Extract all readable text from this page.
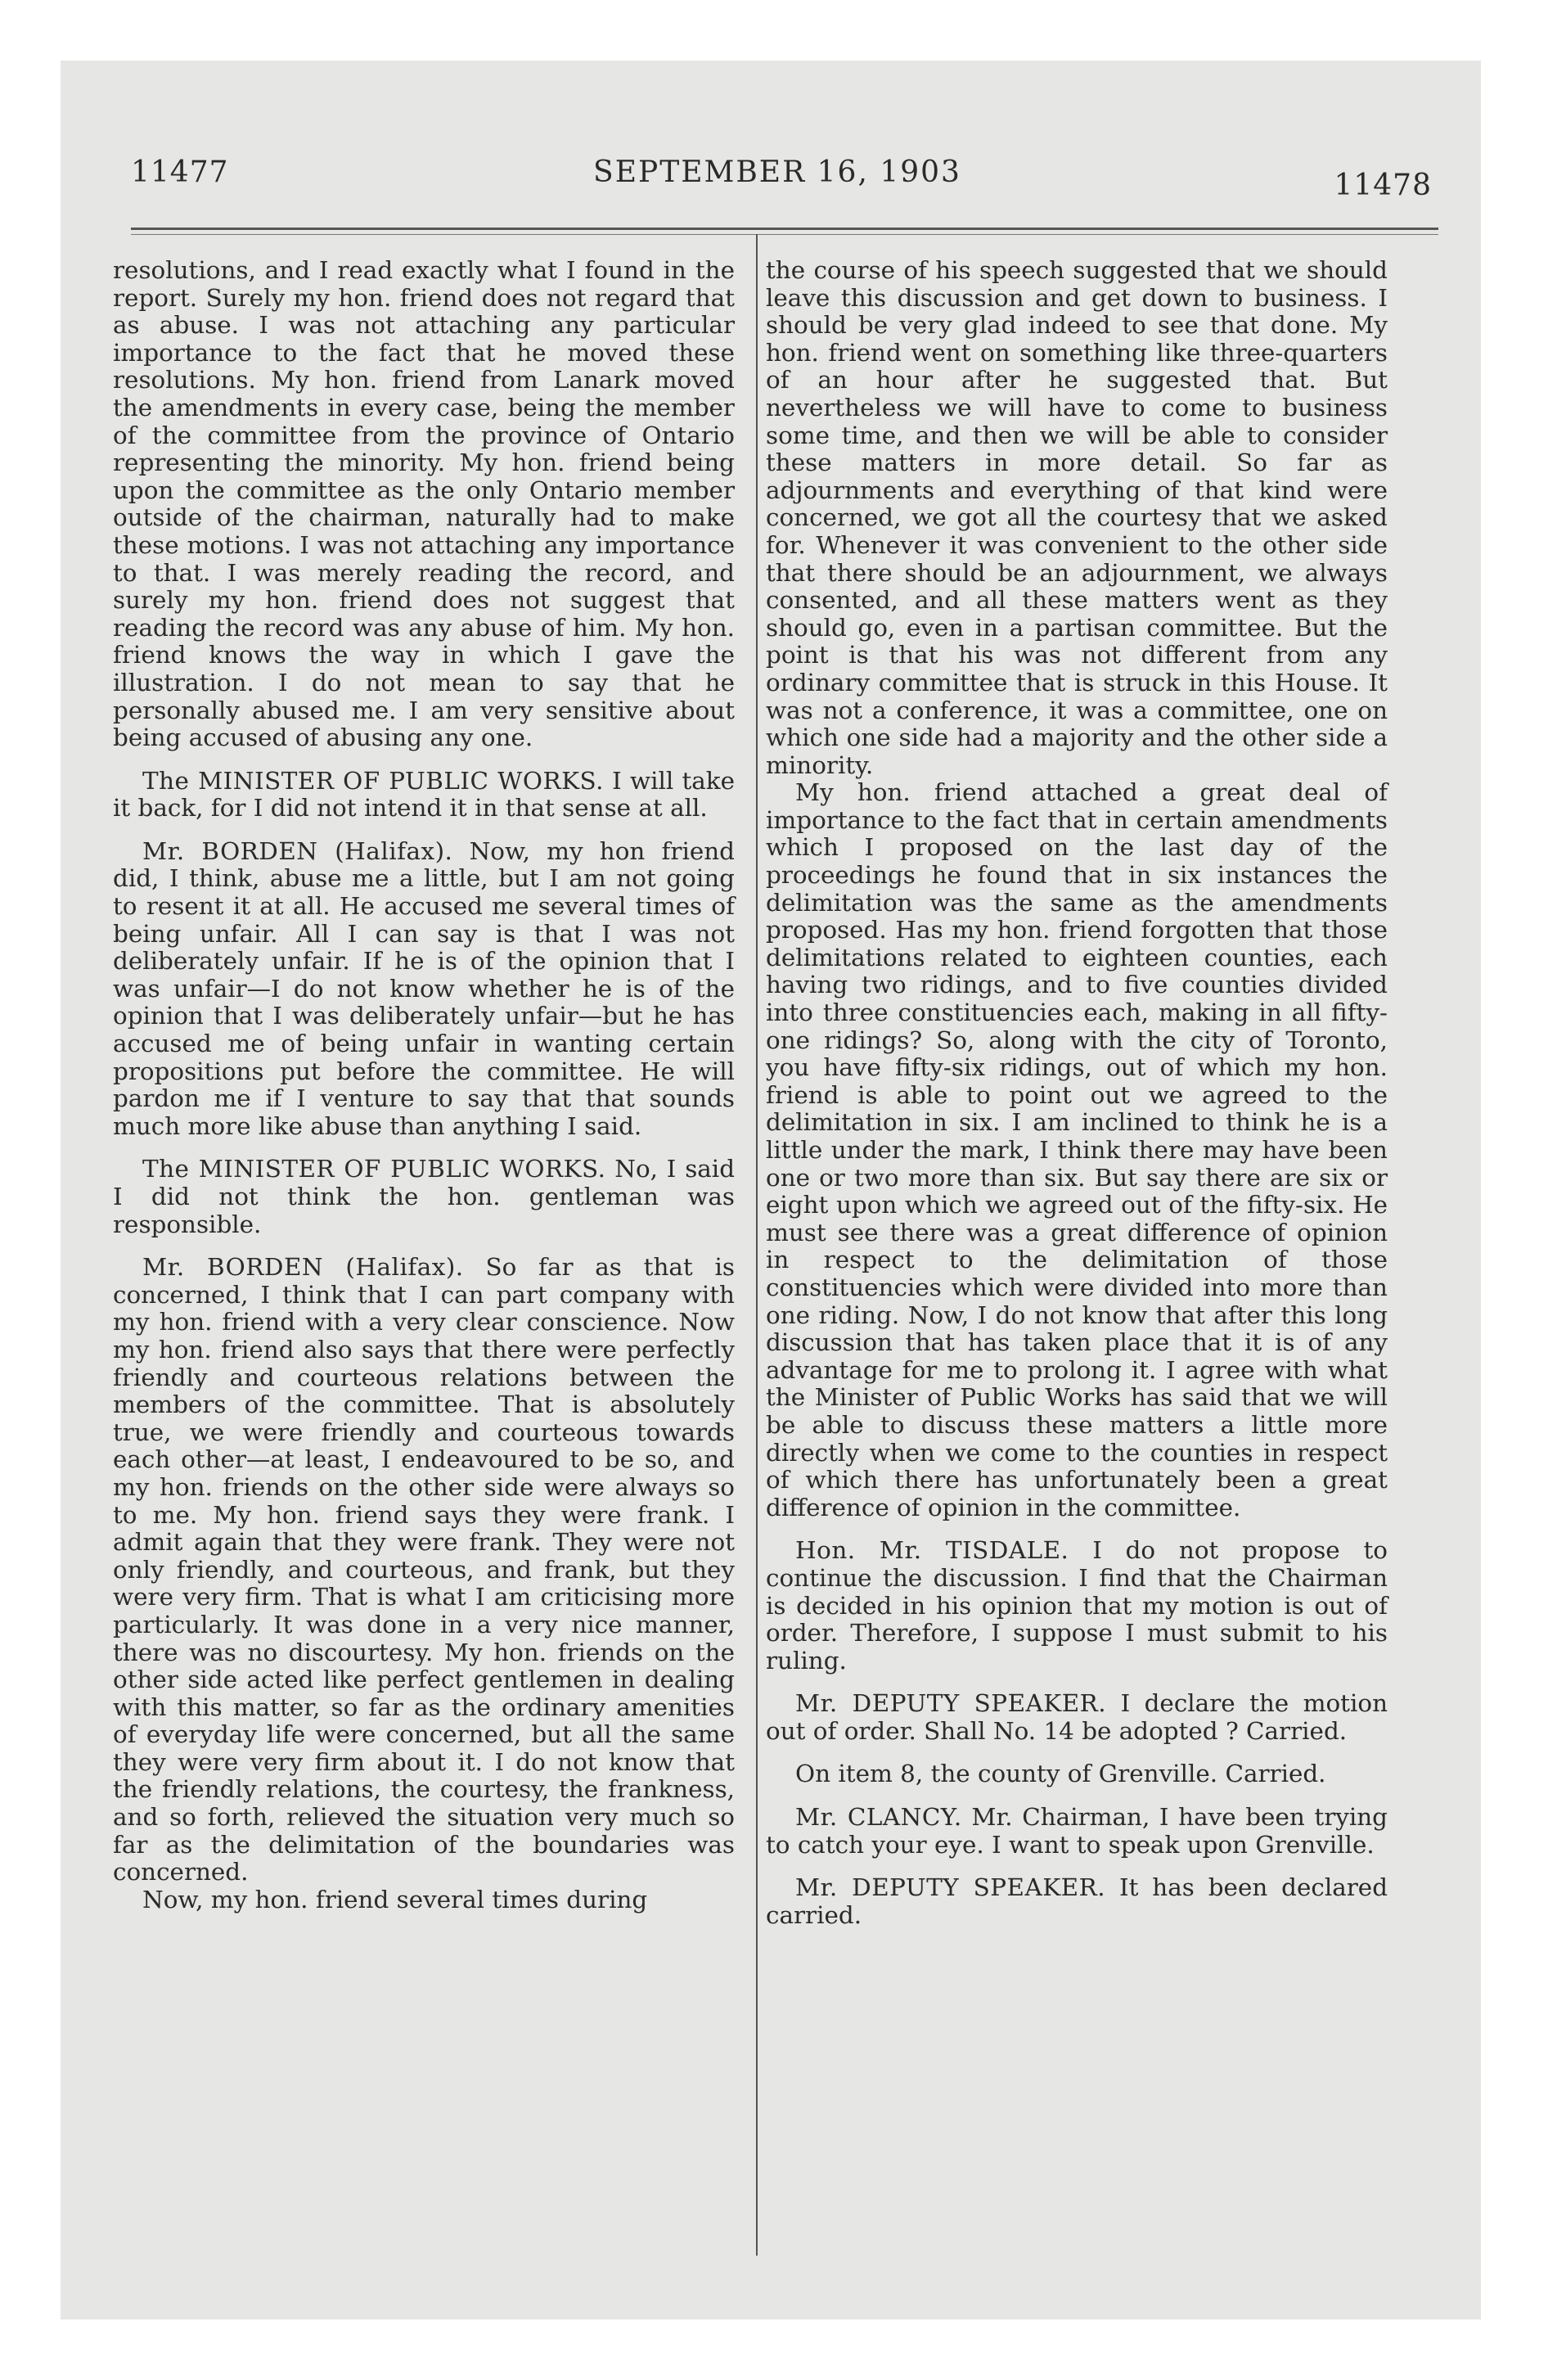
11477	SEPTEMBER 16, 1903	11478

resolutions, and I read exactly what I found in the report. Surely my hon. friend does not regard that as abuse. I was not attaching any particular importance to the fact that he moved these resolutions. My hon. friend from Lanark moved the amendments in every case, being the member of the committee from the province of Ontario representing the minority. My hon. friend being upon the committee as the only Ontario member outside of the chairman, naturally had to make these motions. I was not attaching any importance to that. I was merely reading the record, and surely my hon. friend does not suggest that reading the record was any abuse of him. My hon. friend knows the way in which I gave the illustration. I do not mean to say that he personally abused me. I am very sensitive about being accused of abusing any one.

The MINISTER OF PUBLIC WORKS. I will take it back, for I did not intend it in that sense at all.

Mr. BORDEN (Halifax). Now, my hon friend did, I think, abuse me a little, but I am not going to resent it at all. He accused me several times of being unfair. All I can say is that I was not deliberately unfair. If he is of the opinion that I was unfair—I do not know whether he is of the opinion that I was deliberately unfair—but he has accused me of being unfair in wanting certain propositions put before the committee. He will pardon me if I venture to say that that sounds much more like abuse than anything I said.

The MINISTER OF PUBLIC WORKS. No, I said I did not think the hon. gentleman was responsible.

Mr. BORDEN (Halifax). So far as that is concerned, I think that I can part company with my hon. friend with a very clear conscience. Now my hon. friend also says that there were perfectly friendly and courteous relations between the members of the committee. That is absolutely true, we were friendly and courteous towards each other—at least, I endeavoured to be so, and my hon. friends on the other side were always so to me. My hon. friend says they were frank. I admit again that they were frank. They were not only friendly, and courteous, and frank, but they were very firm. That is what I am criticising more particularly. It was done in a very nice manner, there was no discourtesy. My hon. friends on the other side acted like perfect gentlemen in dealing with this matter, so far as the ordinary amenities of everyday life were concerned, but all the same they were very firm about it. I do not know that the friendly relations, the courtesy, the frankness, and so forth, relieved the situation very much so far as the delimitation of the boundaries was concerned.

Now, my hon. friend several times during

the course of his speech suggested that we should leave this discussion and get down to business. I should be very glad indeed to see that done. My hon. friend went on something like three-quarters of an hour after he suggested that. But nevertheless we will have to come to business some time, and then we will be able to consider these matters in more detail. So far as adjournments and everything of that kind were concerned, we got all the courtesy that we asked for. Whenever it was convenient to the other side that there should be an adjournment, we always consented, and all these matters went as they should go, even in a partisan committee. But the point is that his was not different from any ordinary committee that is struck in this House. It was not a conference, it was a committee, one on which one side had a majority and the other side a minority.

My hon. friend attached a great deal of importance to the fact that in certain amendments which I proposed on the last day of the proceedings he found that in six instances the delimitation was the same as the amendments proposed. Has my hon. friend forgotten that those delimitations related to eighteen counties, each having two ridings, and to five counties divided into three constituencies each, making in all fifty-one ridings? So, along with the city of Toronto, you have fifty-six ridings, out of which my hon. friend is able to point out we agreed to the delimitation in six. I am inclined to think he is a little under the mark, I think there may have been one or two more than six. But say there are six or eight upon which we agreed out of the fifty-six. He must see there was a great difference of opinion in respect to the delimitation of those constituencies which were divided into more than one riding. Now, I do not know that after this long discussion that has taken place that it is of any advantage for me to prolong it. I agree with what the Minister of Public Works has said that we will be able to discuss these matters a little more directly when we come to the counties in respect of which there has unfortunately been a great difference of opinion in the committee.

Hon. Mr. TISDALE. I do not propose to continue the discussion. I find that the Chairman is decided in his opinion that my motion is out of order. Therefore, I suppose I must submit to his ruling.

Mr. DEPUTY SPEAKER. I declare the motion out of order. Shall No. 14 be adopted ? Carried.

On item 8, the county of Grenville. Carried.

Mr. CLANCY. Mr. Chairman, I have been trying to catch your eye. I want to speak upon Grenville.

Mr. DEPUTY SPEAKER. It has been declared carried.
